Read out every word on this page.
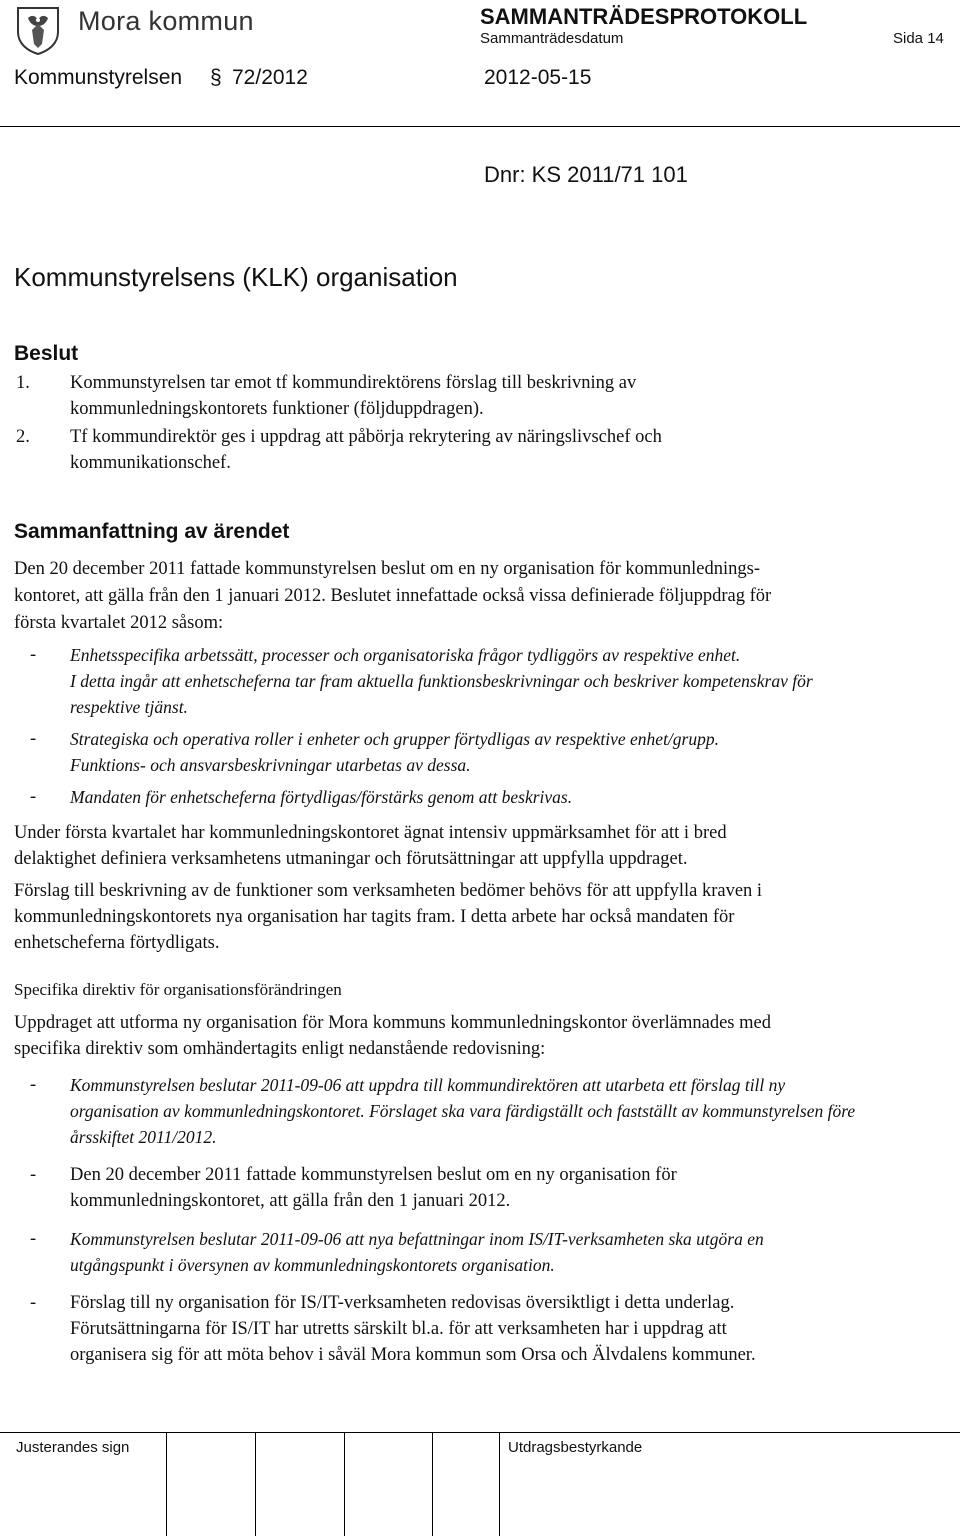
Mora kommun	SAMMANTRÄDESPROTOKOLL
Sammanträdesdatum	Sida 14
Kommunstyrelsen § 72/2012	2012-05-15
Dnr: KS 2011/71 101
Kommunstyrelsens (KLK) organisation
Beslut
1. Kommunstyrelsen tar emot tf kommundirektörens förslag till beskrivning av
kommunledningskontorets funktioner (följduppdragen).
2. Tf kommundirektör ges i uppdrag att påbörja rekrytering av näringslivschef och
kommunikationschef.
Sammanfattning av ärendet
Den 20 december 2011 fattade kommunstyrelsen beslut om en ny organisation för kommunlednings-
kontoret, att gälla från den 1 januari 2012. Beslutet innefattade också vissa definierade följuppdrag för
första kvartalet 2012 såsom:
- Enhetsspecifika arbetssätt, processer och organisatoriska frågor tydliggörs av respektive enhet.
I detta ingår att enhetscheferna tar fram aktuella funktionsbeskrivningar och beskriver kompetenskrav för
respektive tjänst.
- Strategiska och operativa roller i enheter och grupper förtydligas av respektive enhet/grupp.
Funktions- och ansvarsbeskrivningar utarbetas av dessa.
- Mandaten för enhetscheferna förtydligas/förstärks genom att beskrivas.
Under första kvartalet har kommunledningskontoret ägnat intensiv uppmärksamhet för att i bred
delaktighet definiera verksamhetens utmaningar och förutsättningar att uppfylla uppdraget.
Förslag till beskrivning av de funktioner som verksamheten bedömer behövs för att uppfylla kraven i
kommunledningskontorets nya organisation har tagits fram. I detta arbete har också mandaten för
enhetscheferna förtydligats.
Specifika direktiv för organisationsförändringen
Uppdraget att utforma ny organisation för Mora kommuns kommunledningskontor överlämnades med
specifika direktiv som omhändertagits enligt nedanstående redovisning:
- Kommunstyrelsen beslutar 2011-09-06 att uppdra till kommundirektören att utarbeta ett förslag till ny
organisation av kommunledningskontoret. Förslaget ska vara färdigställt och fastställt av kommunstyrelsen före
årsskiftet 2011/2012.
- Den 20 december 2011 fattade kommunstyrelsen beslut om en ny organisation för
kommunledningskontoret, att gälla från den 1 januari 2012.
- Kommunstyrelsen beslutar 2011-09-06 att nya befattningar inom IS/IT-verksamheten ska utgöra en
utgångspunkt i översynen av kommunledningskontorets organisation.
- Förslag till ny organisation för IS/IT-verksamheten redovisas översiktligt i detta underlag.
Förutsättningarna för IS/IT har utretts särskilt bl.a. för att verksamheten har i uppdrag att
organisera sig för att möta behov i såväl Mora kommun som Orsa och Älvdalens kommuner.
Justerandes sign	Utdragsbestyrkande
